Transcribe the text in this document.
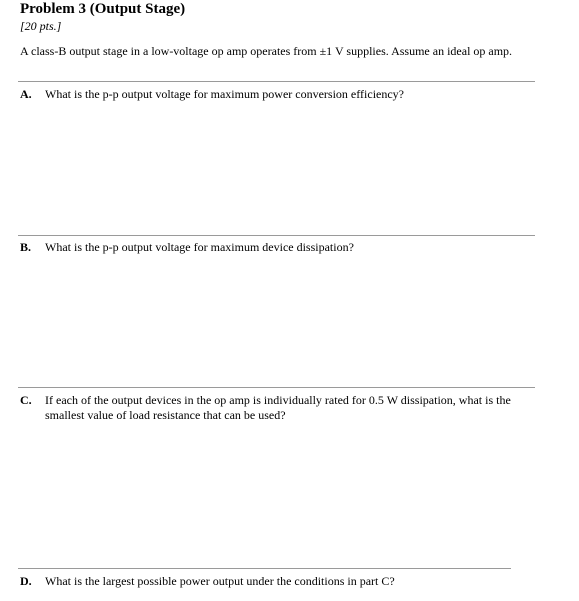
Problem 3 (Output Stage)
[20 pts.]
A class-B output stage in a low-voltage op amp operates from ±1 V supplies. Assume an ideal op amp.
A. What is the p-p output voltage for maximum power conversion efficiency?
B. What is the p-p output voltage for maximum device dissipation?
C. If each of the output devices in the op amp is individually rated for 0.5 W dissipation, what is the smallest value of load resistance that can be used?
D. What is the largest possible power output under the conditions in part C?
